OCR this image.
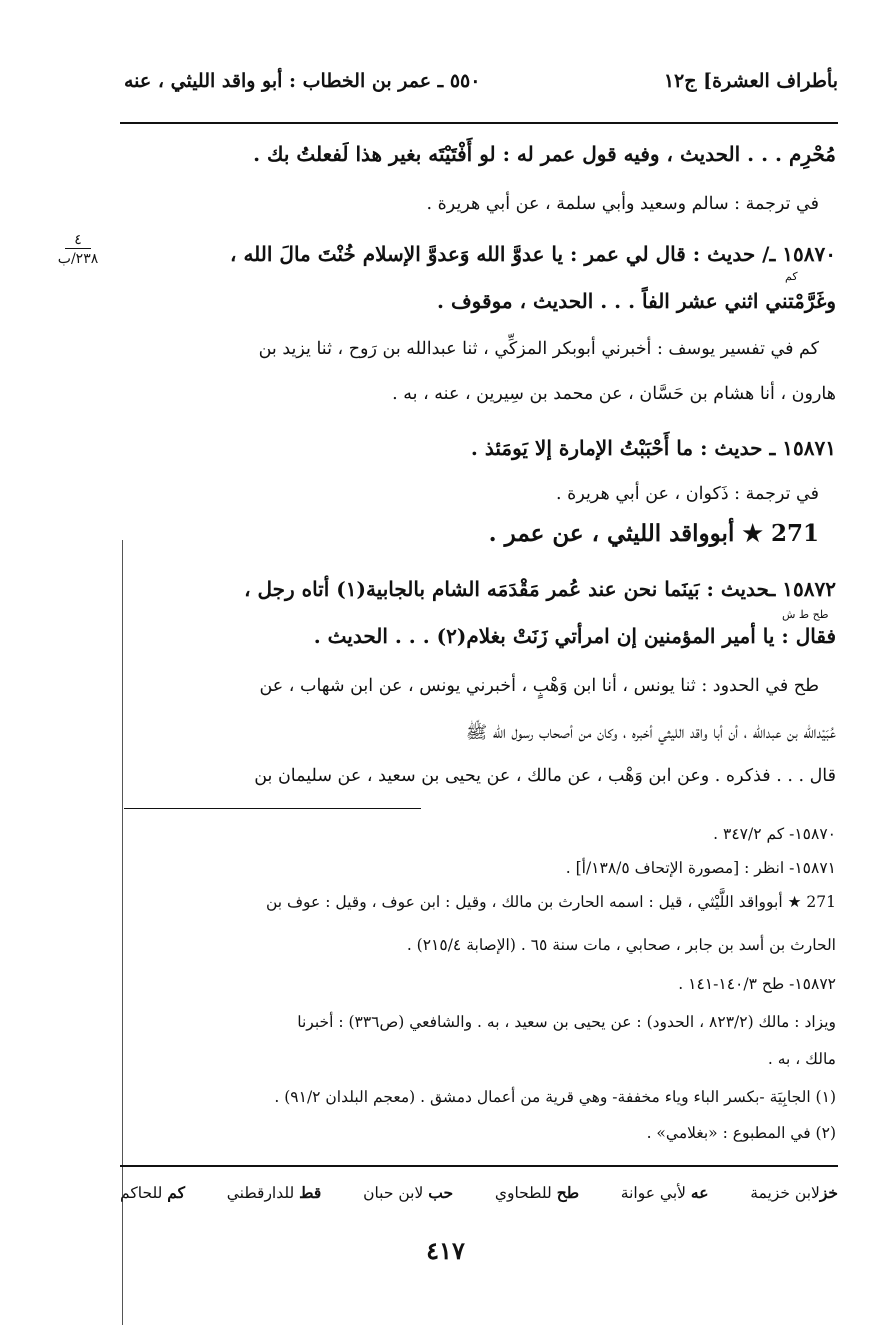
بأطراف العشرة] ج١٢
٥٥٠ ـ عمر بن الخطاب : أبو واقد الليثي ، عنه
٤
٢٣٨/ب
كم
طح ط ش
مُحْرِم . . . الحديث ، وفيه قول عمر له : لو أَفْتَيْتَه بغير هذا لَفعلتُ بك .
في ترجمة : سالم وسعيد وأبي سلمة ، عن أبي هريرة .
١٥٨٧٠ ـ/ حديث : قال لي عمر : يا عدوَّ الله وَعدوَّ الإسلام خُنْتَ مالَ الله ،
وغَرَّمْتني اثني عشر الفاً . . . الحديث ، موقوف .
كم في تفسير يوسف : أخبرني أبوبكر المزكِّي ، ثنا عبدالله بن رَوح ، ثنا يزيد بن
هارون ، أنا هشام بن حَسَّان ، عن محمد بن سِيرين ، عنه ، به .
١٥٨٧١ ـ حديث : ما أَحْبَبْتُ الإمارة إلا يَومَئذ .
في ترجمة : ذَكوان ، عن أبي هريرة .
271 ★ أبوواقد الليثي ، عن عمر .
١٥٨٧٢ ـحديث : بَينَما نحن عند عُمر مَقْدَمَه الشام بالجابية(١) أتاه رجل ،
فقال : يا أمير المؤمنين إن امرأتي زَنَتْ بغلام(٢) . . . الحديث .
طح في الحدود : ثنا يونس ، أنا ابن وَهْبٍ ، أخبرني يونس ، عن ابن شهاب ، عن
عُبَيْدالله بن عبدالله ، أن أبا واقد الليثي أخبره ، وكان من أصحاب رسول الله ﷺ
قال . . . فذكره . وعن ابن وَهْب ، عن مالك ، عن يحيى بن سعيد ، عن سليمان بن
١٥٨٧٠- كم ٣٤٧/٢ .
١٥٨٧١- انظر : [مصورة الإتحاف ١٣٨/٥/أ] .
271 ★ أبوواقد اللَّيْثي ، قيل : اسمه الحارث بن مالك ، وقيل : ابن عوف ، وقيل : عوف بن
الحارث بن أسد بن جابر ، صحابي ، مات سنة ٦٥ . (الإصابة ٢١٥/٤) .
١٥٨٧٢- طح ١٤٠/٣-١٤١ .
ويزاد : مالك (٨٢٣/٢ ، الحدود) : عن يحيى بن سعيد ، به . والشافعي (ص٣٣٦) : أخبرنا
مالك ، به .
(١) الجابِيَة -بكسر الباء وياء مخففة- وهي قرية من أعمال دمشق . (معجم البلدان ٩١/٢) .
(٢) في المطبوع : «بغلامي» .
خزلابن خزيمة
عه لأبي عوانة
طح للطحاوي
حب لابن حبان
قط للدارقطني
كم للحاكم
٤١٧
